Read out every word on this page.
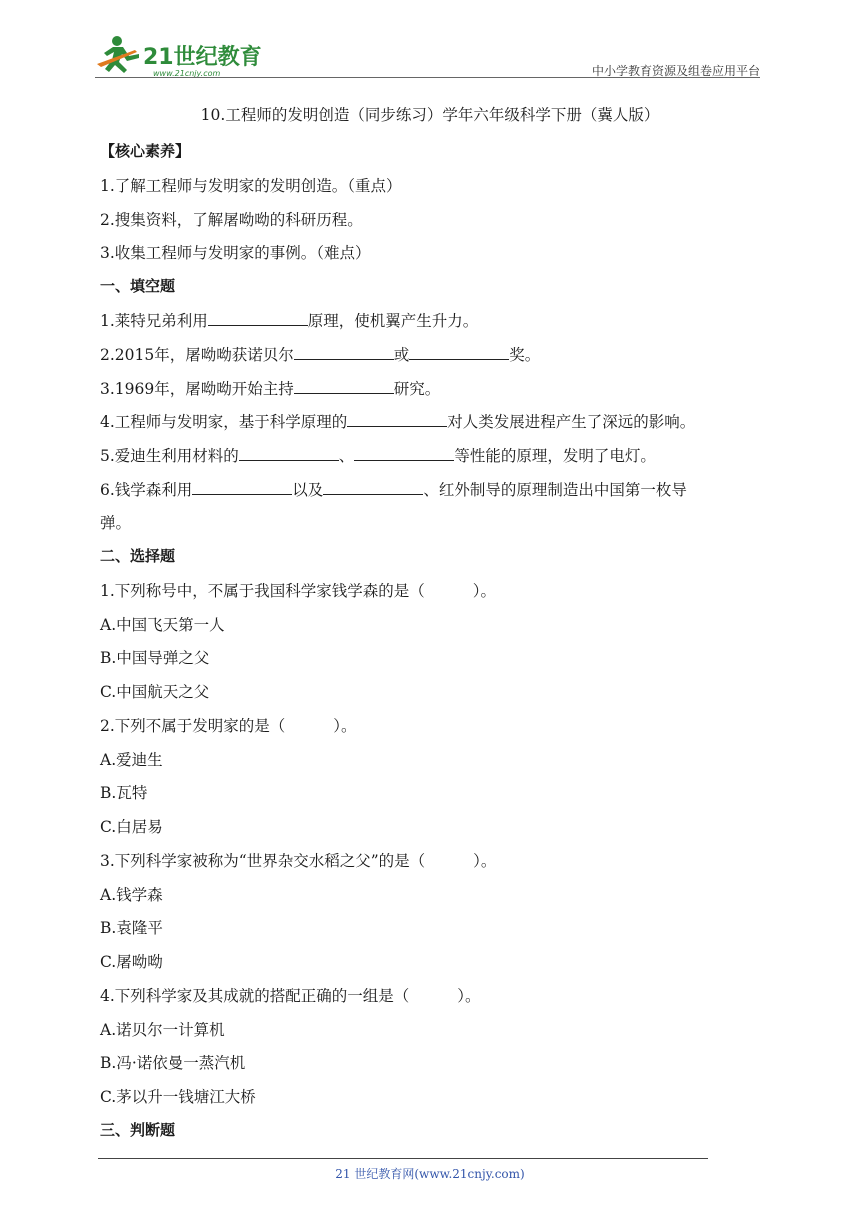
21世纪教育
www.21cnjy.com	中小学教育资源及组卷应用平台
10.工程师的发明创造（同步练习）学年六年级科学下册（冀人版）
【核心素养】
1.了解工程师与发明家的发明创造。（重点）
2.搜集资料，了解屠呦呦的科研历程。
3.收集工程师与发明家的事例。（难点）
一、填空题
1.莱特兄弟利用	原理，使机翼产生升力。
2.2015年，屠呦呦获诺贝尔	或	奖。
3.1969年，屠呦呦开始主持	研究。
4.工程师与发明家，基于科学原理的	对人类发展进程产生了深远的影响。
5.爱迪生利用材料的	、	等性能的原理，发明了电灯。
6.钱学森利用	以及	、红外制导的原理制造出中国第一枚导
弹。
二、选择题
1.下列称号中，不属于我国科学家钱学森的是（	）。
A.中国飞天第一人
B.中国导弹之父
C.中国航天之父
2.下列不属于发明家的是（	）。
A.爱迪生
B.瓦特
C.白居易
3.下列科学家被称为“世界杂交水稻之父”的是（	）。
A.钱学森
B.袁隆平
C.屠呦呦
4.下列科学家及其成就的搭配正确的一组是（	）。
A.诺贝尔一计算机
B.冯·诺依曼一蒸汽机
C.茅以升一钱塘江大桥
三、判断题
21 世纪教育网(www.21cnjy.com)
